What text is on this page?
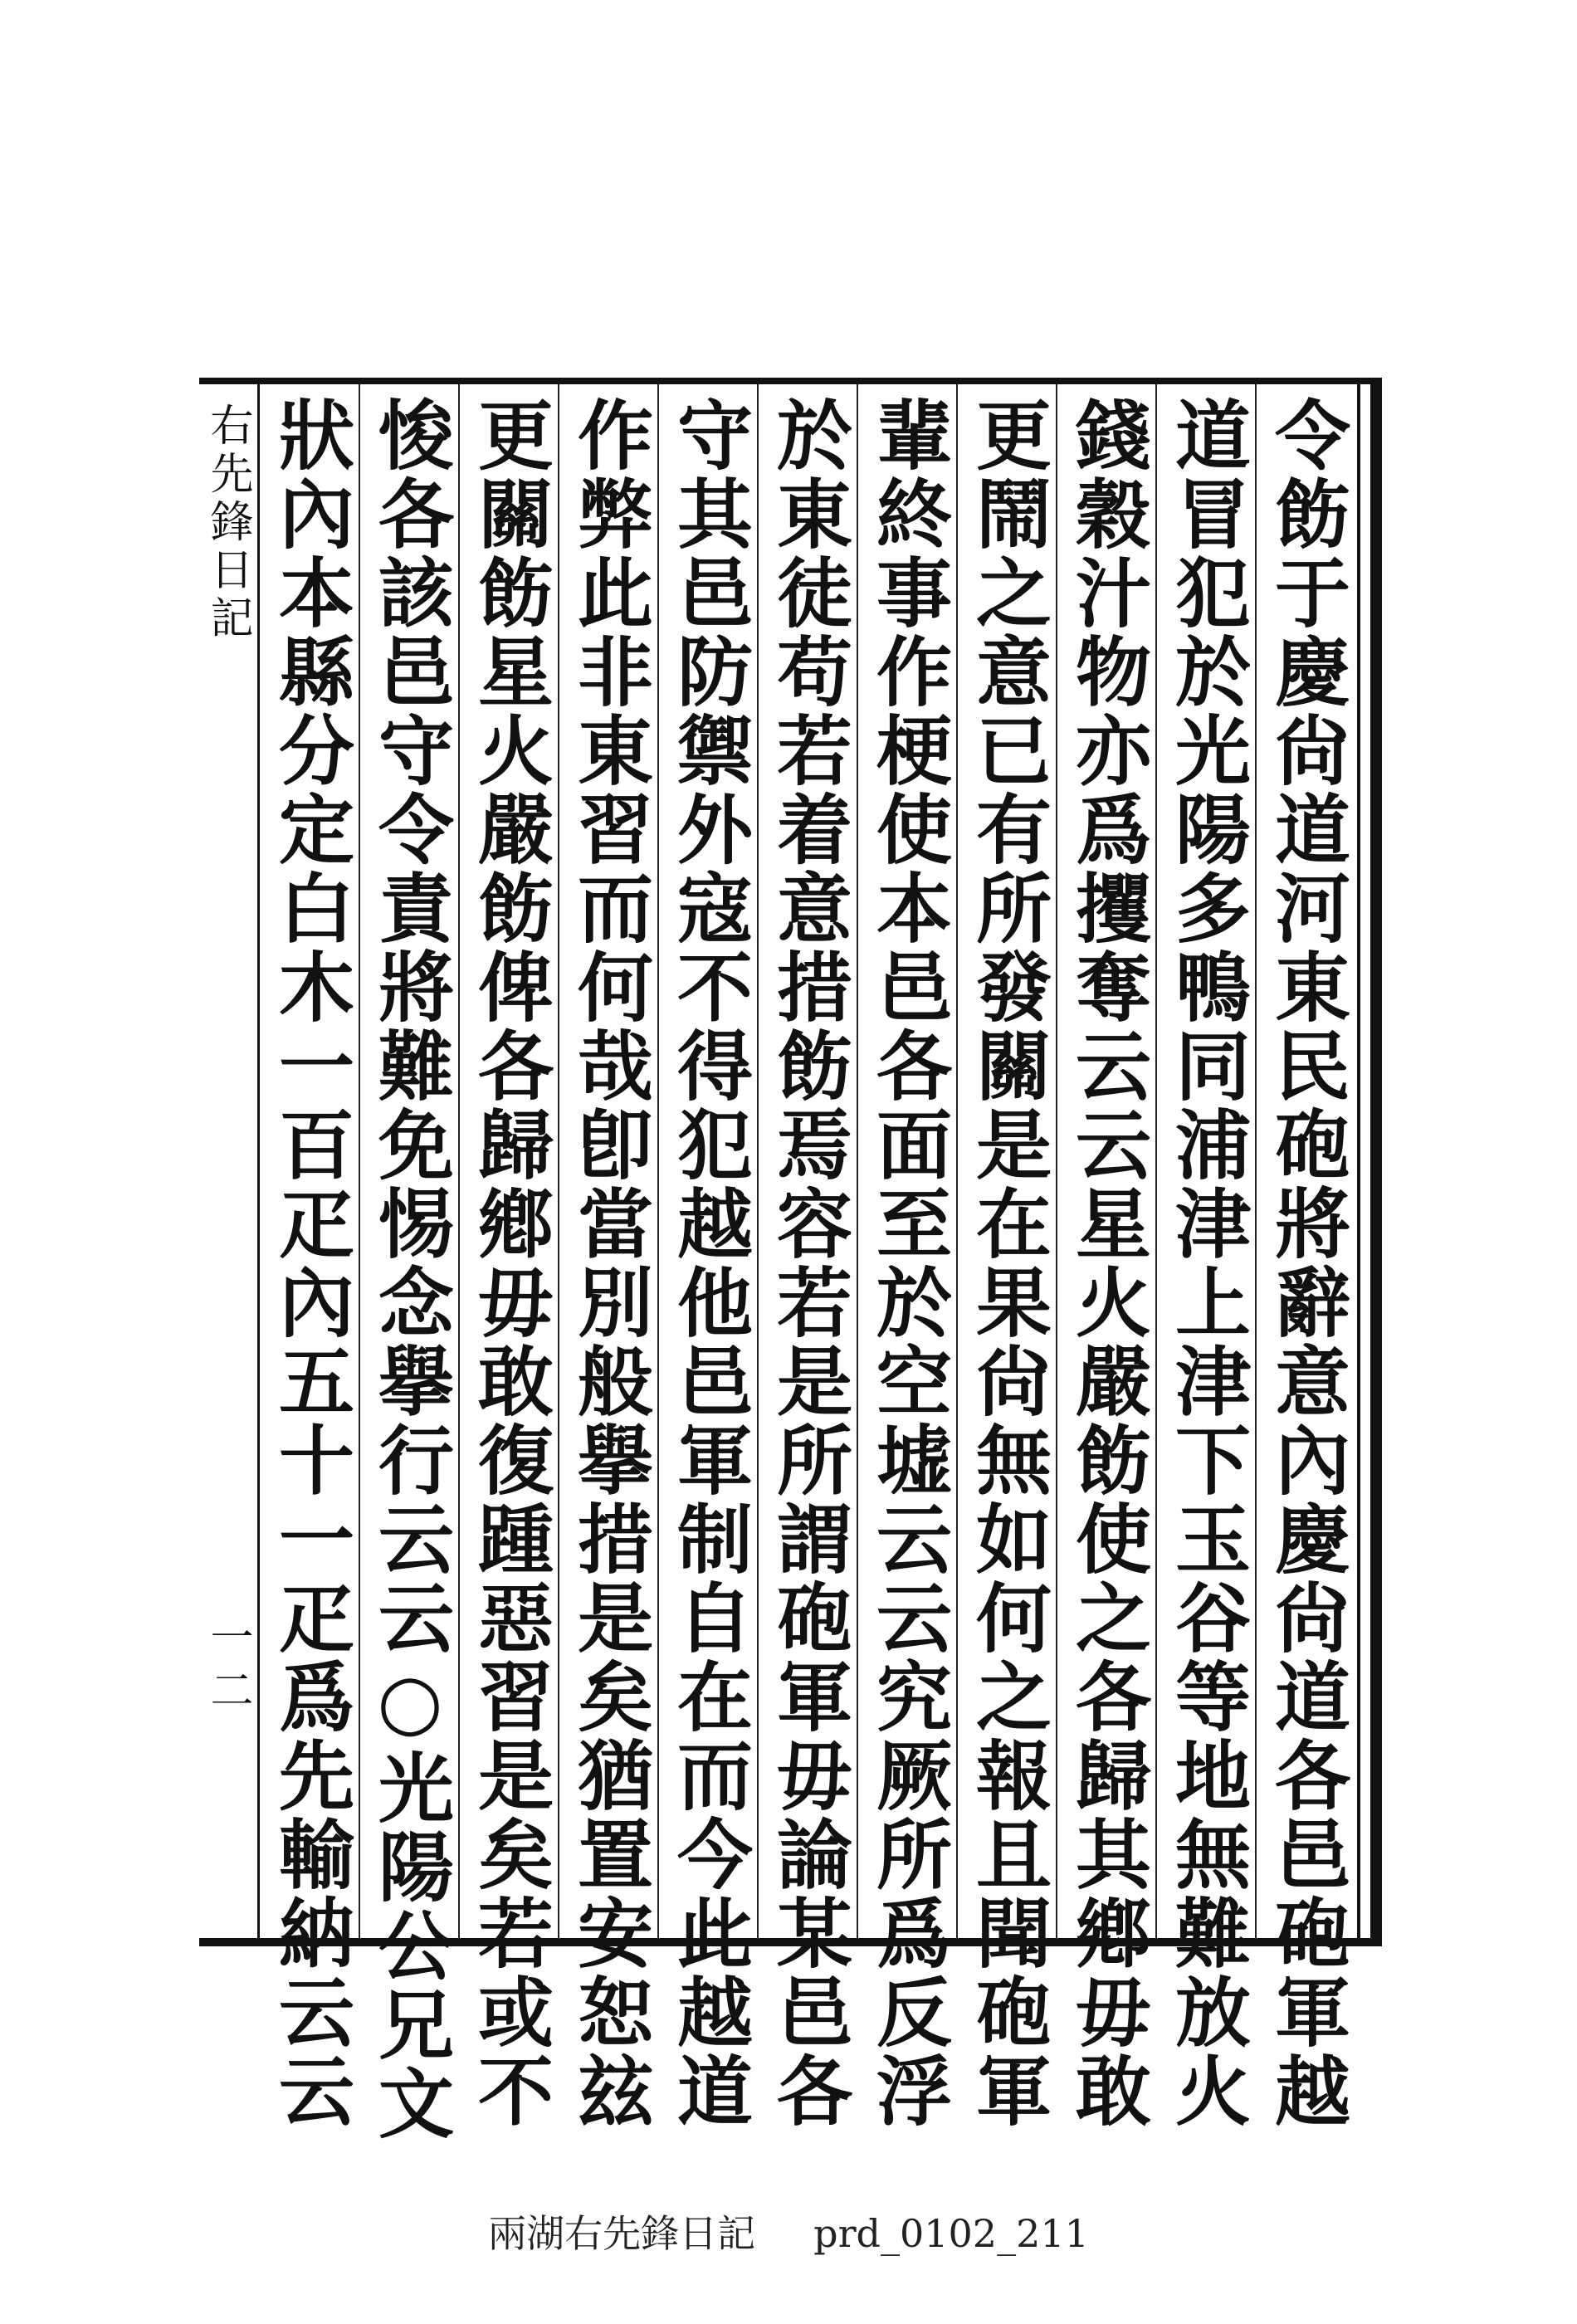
右先鋒日記
一二	令飭于慶尙道河東民砲將辭意內慶尙道各邑砲軍越
道冒犯於光陽多鴨同浦津上津下玉谷等地無難放火
錢穀汁物亦爲攫奪云云星火嚴飭使之各歸其鄕毋敢
更鬧之意已有所發關是在果尙無如何之報且聞砲軍
輩終事作梗使本邑各面至於空墟云云究厥所爲反浮
於東徒苟若着意措飭焉容若是所謂砲軍毋論某邑各
守其邑防禦外寇不得犯越他邑軍制自在而今此越道
作弊此非東習而何哉卽當別般擧措是矣猶置安恕玆
更關飭星火嚴飭俾各歸鄕毋敢復踵惡習是矣若或不
悛各該邑守令責將難免惕念擧行云云○光陽公兄文
狀內本縣分定白木一百疋內五十一疋爲先輸納云云
兩湖右先鋒日記 prd_0102_211
